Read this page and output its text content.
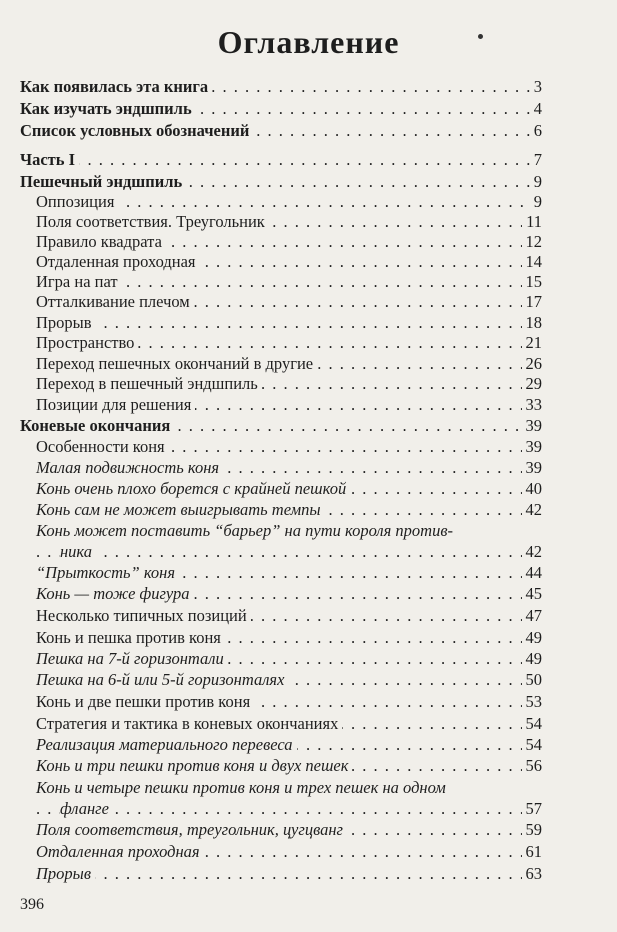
Оглавление
Как появилась эта книга . . .	3
Как изучать эндшпиль . . .	4
Список условных обозначений . . .	6
Часть I . . .	7
Пешечный эндшпиль . . .	9
Оппозиция . . .	9
Поля соответствия. Треугольник . . .	11
Правило квадрата . . .	12
Отдаленная проходная . . .	14
Игра на пат . . .	15
Отталкивание плечом . . .	17
Прорыв . . .	18
Пространство . . .	21
Переход пешечных окончаний в другие . . .	26
Переход в пешечный эндшпиль . . .	29
Позиции для решения . . .	33
Коневые окончания . . .	39
Особенности коня . . .	39
Малая подвижность коня . . .	39
Конь очень плохо борется с крайней пешкой . . .	40
Конь сам не может выигрывать темпы . . .	42
Конь может поставить “барьер” на пути короля против-
ника . . .	42
“Прыткость” коня . . .	44
Конь — тоже фигура . . .	45
Несколько типичных позиций . . .	47
Конь и пешка против коня . . .	49
Пешка на 7-й горизонтали . . .	49
Пешка на 6-й или 5-й горизонталях . . .	50
Конь и две пешки против коня . . .	53
Стратегия и тактика в коневых окончаниях . . .	54
Реализация материального перевеса . . .	54
Конь и три пешки против коня и двух пешек . . .	56
Конь и четыре пешки против коня и трех пешек на одном
фланге . . .	57
Поля соответствия, треугольник, цугцванг . . .	59
Отдаленная проходная . . .	61
Прорыв . . .	63
396
